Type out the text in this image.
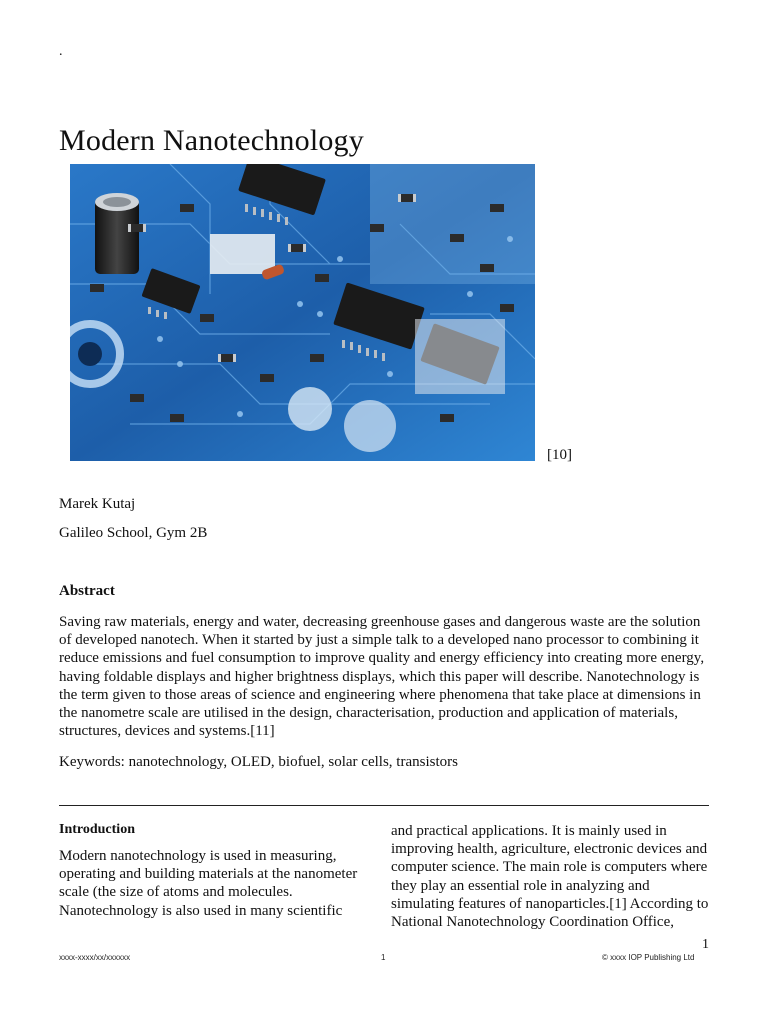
.
Modern Nanotechnology
[10]
Marek Kutaj
Galileo School, Gym 2B
Abstract

Saving raw materials, energy and water, decreasing greenhouse gases and dangerous waste are the solution of developed nanotech. When it started by just a simple talk to a developed nano processor to combining it reduce emissions and fuel consumption to improve quality and energy efficiency into creating more energy, having foldable displays and higher brightness displays, which this paper will describe. Nanotechnology is the term given to those areas of science and engineering where phenomena that take place at dimensions in the nanometre scale are utilised in the design, characterisation, production and application of materials, structures, devices and systems.[11]

Keywords: nanotechnology, OLED, biofuel, solar cells, transistors

Introduction

Modern nanotechnology is used in measuring, operating and building materials at the nanometer scale (the size of atoms and molecules. Nanotechnology is also used in many scientific

and practical applications. It is mainly used in improving health, agriculture, electronic devices and computer science. The main role is computers where they play an essential role in analyzing and simulating features of nanoparticles.[1] According to National Nanotechnology Coordination Office,

1
xxxx-xxxx/xx/xxxxxx	1	© xxxx IOP Publishing Ltd
